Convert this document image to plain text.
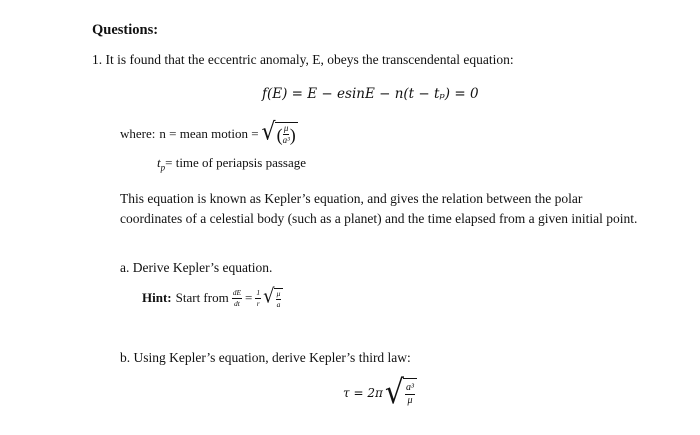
Questions:
1. It is found that the eccentric anomaly, E, obeys the transcendental equation:
f(E) = E − esinE − n(t − tₚ) = 0
where: n = mean motion = √ ( $\frac{\mu}{\text{a³}}$ )
$t_p=$ time of periapsis passage
This equation is known as Kepler’s equation, and gives the relation between the polar coordinates of a celestial body (such as a planet) and the time elapsed from a given initial point.
a. Derive Kepler’s equation.
Hint: Start from $\frac{dE}{dt} = \frac{1}{r}$ √ $\frac{\mu}{a}$
b. Using Kepler’s equation, derive Kepler’s third law:
τ = 2π √ $\frac{\text{a³}}{\mu}$
